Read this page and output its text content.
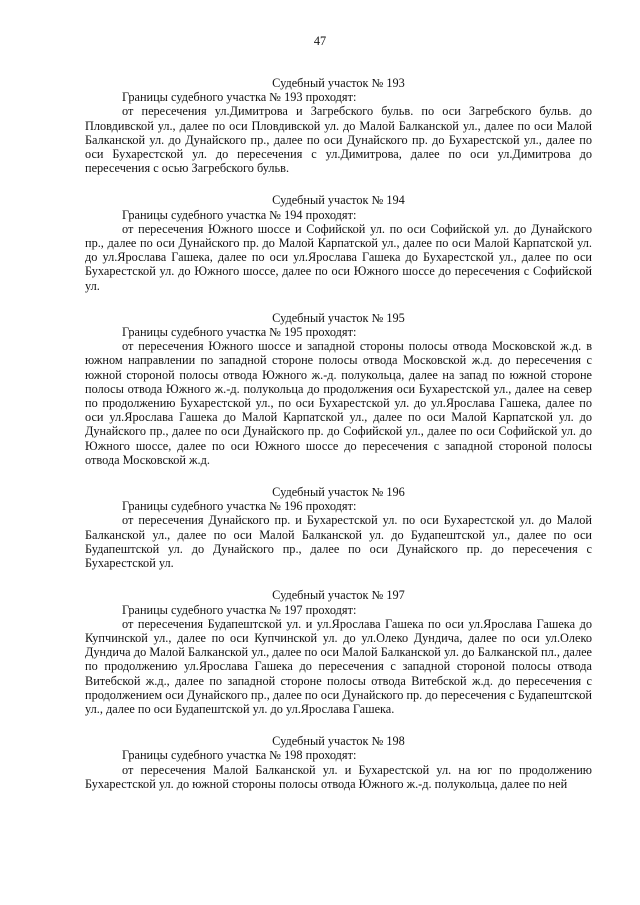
47
Судебный участок № 193
Границы судебного участка № 193 проходят:
от пересечения ул.Димитрова и Загребского бульв. по оси Загребского бульв. до Пловдивской ул., далее по оси Пловдивской ул. до Малой Балканской ул., далее по оси Малой Балканской ул. до Дунайского пр., далее по оси Дунайского пр. до Бухарестской ул., далее по оси Бухарестской ул. до пересечения с ул.Димитрова, далее по оси ул.Димитрова до пересечения с осью Загребского бульв.
Судебный участок № 194
Границы судебного участка № 194 проходят:
от пересечения Южного шоссе и Софийской ул. по оси Софийской ул. до Дунайского пр., далее по оси Дунайского пр. до Малой Карпатской ул., далее по оси Малой Карпатской ул. до ул.Ярослава Гашека, далее по оси ул.Ярослава Гашека до Бухарестской ул., далее по оси Бухарестской ул. до Южного шоссе, далее по оси Южного шоссе до пересечения с Софийской ул.
Судебный участок № 195
Границы судебного участка № 195 проходят:
от пересечения Южного шоссе и западной стороны полосы отвода Московской ж.д. в южном направлении по западной стороне полосы отвода Московской ж.д. до пересечения с южной стороной полосы отвода Южного ж.-д. полукольца, далее на запад по южной стороне полосы отвода Южного ж.-д. полукольца до продолжения оси Бухарестской ул., далее на север по продолжению Бухарестской ул., по оси Бухарестской ул. до ул.Ярослава Гашека, далее по оси ул.Ярослава Гашека до Малой Карпатской ул., далее по оси Малой Карпатской ул. до Дунайского пр., далее по оси Дунайского пр. до Софийской ул., далее по оси Софийской ул. до Южного шоссе, далее по оси Южного шоссе до пересечения с западной стороной полосы отвода Московской ж.д.
Судебный участок № 196
Границы судебного участка № 196 проходят:
от пересечения Дунайского пр. и Бухарестской ул. по оси Бухарестской ул. до Малой Балканской ул., далее по оси Малой Балканской ул. до Будапештской ул., далее по оси Будапештской ул. до Дунайского пр., далее по оси Дунайского пр. до пересечения с Бухарестской ул.
Судебный участок № 197
Границы судебного участка № 197 проходят:
от пересечения Будапештской ул. и ул.Ярослава Гашека по оси ул.Ярослава Гашека до Купчинской ул., далее по оси Купчинской ул. до ул.Олеко Дундича, далее по оси ул.Олеко Дундича до Малой Балканской ул., далее по оси Малой Балканской ул. до Балканской пл., далее по продолжению ул.Ярослава Гашека до пересечения с западной стороной полосы отвода Витебской ж.д., далее по западной стороне полосы отвода Витебской ж.д. до пересечения с продолжением оси Дунайского пр., далее по оси Дунайского пр. до пересечения с Будапештской ул., далее по оси Будапештской ул. до ул.Ярослава Гашека.
Судебный участок № 198
Границы судебного участка № 198 проходят:
от пересечения Малой Балканской ул. и Бухарестской ул. на юг по продолжению Бухарестской ул. до южной стороны полосы отвода Южного ж.-д. полукольца, далее по ней
